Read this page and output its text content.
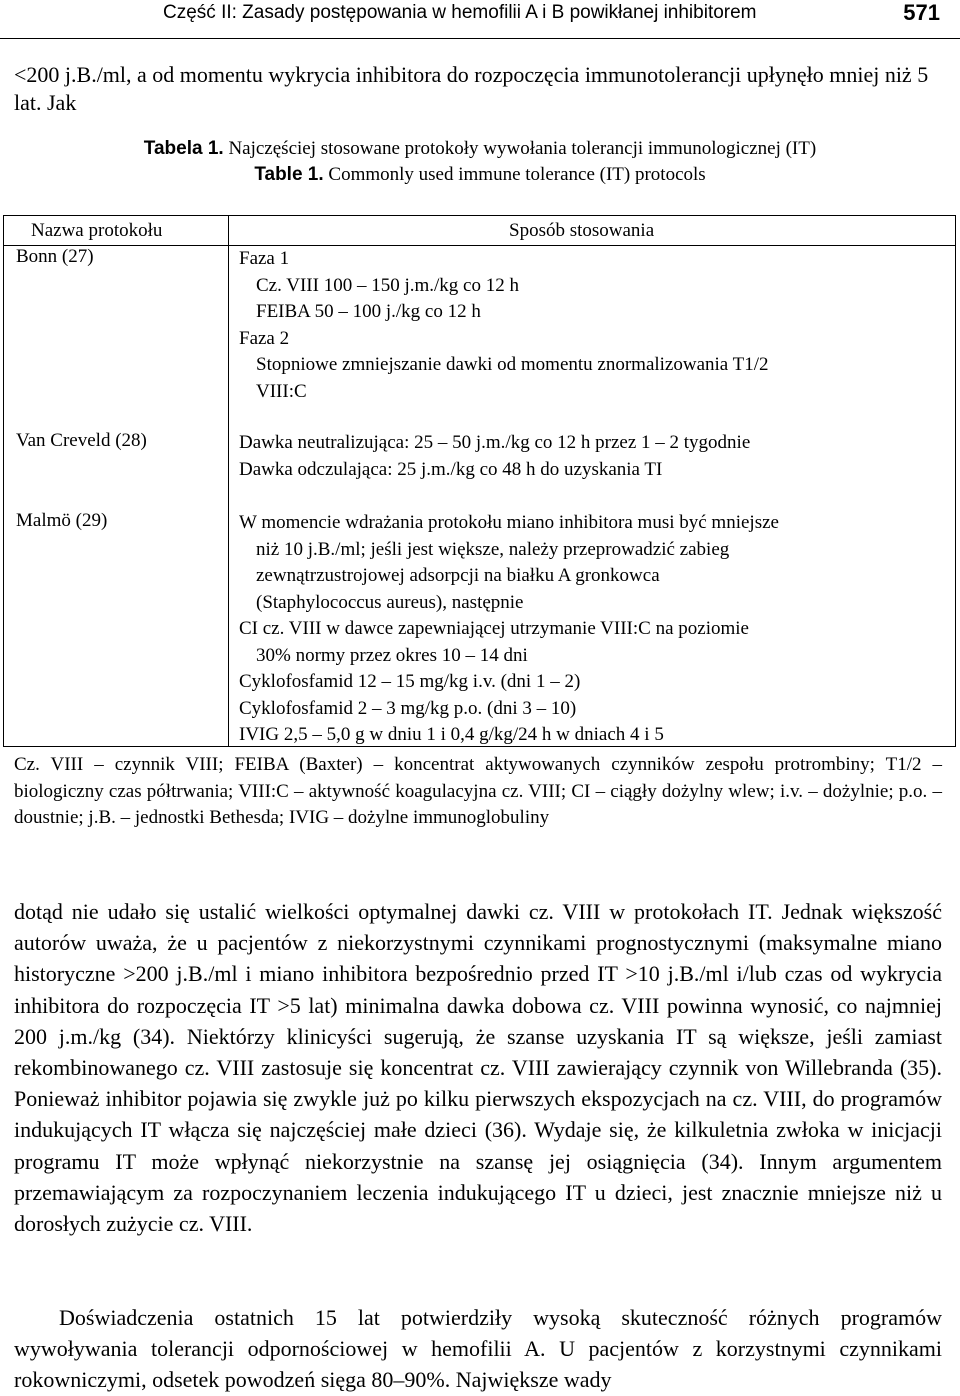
Część II: Zasady postępowania w hemofilii A i B powikłanej inhibitorem	571

<200 j.B./ml, a od momentu wykrycia inhibitora do rozpoczęcia immunotolerancji upłynęło mniej niż 5 lat. Jak

Tabela 1. Najczęściej stosowane protokoły wywołania tolerancji immunologicznej (IT)

Table 1. Commonly used immune tolerance (IT) protocols

Nazwa protokołu	Sposób stosowania
Bonn (27)	Faza 1
Cz. VIII 100 – 150 j.m./kg co 12 h
FEIBA 50 – 100 j./kg co 12 h
Faza 2
Stopniowe zmniejszanie dawki od momentu znormalizowania T1/2
VIII:C
Van Creveld (28)	Dawka neutralizująca: 25 – 50 j.m./kg co 12 h przez 1 – 2 tygodnie
Dawka odczulająca: 25 j.m./kg co 48 h do uzyskania TI
Malmö (29)	W momencie wdrażania protokołu miano inhibitora musi być mniejsze
niż 10 j.B./ml; jeśli jest większe, należy przeprowadzić zabieg
zewnątrzustrojowej adsorpcji na białku A gronkowca
(Staphylococcus aureus), następnie
CI cz. VIII w dawce zapewniającej utrzymanie VIII:C na poziomie
30% normy przez okres 10 – 14 dni
Cyklofosfamid 12 – 15 mg/kg i.v. (dni 1 – 2)
Cyklofosfamid 2 – 3 mg/kg p.o. (dni 3 – 10)
IVIG 2,5 – 5,0 g w dniu 1 i 0,4 g/kg/24 h w dniach 4 i 5

Cz. VIII – czynnik VIII; FEIBA (Baxter) – koncentrat aktywowanych czynników zespołu protrombiny; T1/2 – biologiczny czas półtrwania; VIII:C – aktywność koagulacyjna cz. VIII; CI – ciągły dożylny wlew; i.v. – dożylnie; p.o. – doustnie; j.B. – jednostki Bethesda; IVIG – dożylne immunoglobuliny

dotąd nie udało się ustalić wielkości optymalnej dawki cz. VIII w protokołach IT. Jednak większość autorów uważa, że u pacjentów z niekorzystnymi czynnikami prognostycznymi (maksymalne miano historyczne >200 j.B./ml i miano inhibitora bezpośrednio przed IT >10 j.B./ml i/lub czas od wykrycia inhibitora do rozpoczęcia IT >5 lat) minimalna dawka dobowa cz. VIII powinna wynosić, co najmniej 200 j.m./kg (34). Niektórzy klinicyści sugerują, że szanse uzyskania IT są większe, jeśli zamiast rekombinowanego cz. VIII zastosuje się koncentrat cz. VIII zawierający czynnik von Willebranda (35). Ponieważ inhibitor pojawia się zwykle już po kilku pierwszych ekspozycjach na cz. VIII, do programów indukujących IT włącza się najczęściej małe dzieci (36). Wydaje się, że kilkuletnia zwłoka w inicjacji programu IT może wpłynąć niekorzystnie na szansę jej osiągnięcia (34). Innym argumentem przemawiającym za rozpoczynaniem leczenia indukującego IT u dzieci, jest znacznie mniejsze niż u dorosłych zużycie cz. VIII.

Doświadczenia ostatnich 15 lat potwierdziły wysoką skuteczność różnych programów wywoływania tolerancji odpornościowej w hemofilii A. U pacjentów z korzystnymi czynnikami rokowniczymi, odsetek powodzeń sięga 80–90%. Największe wady
